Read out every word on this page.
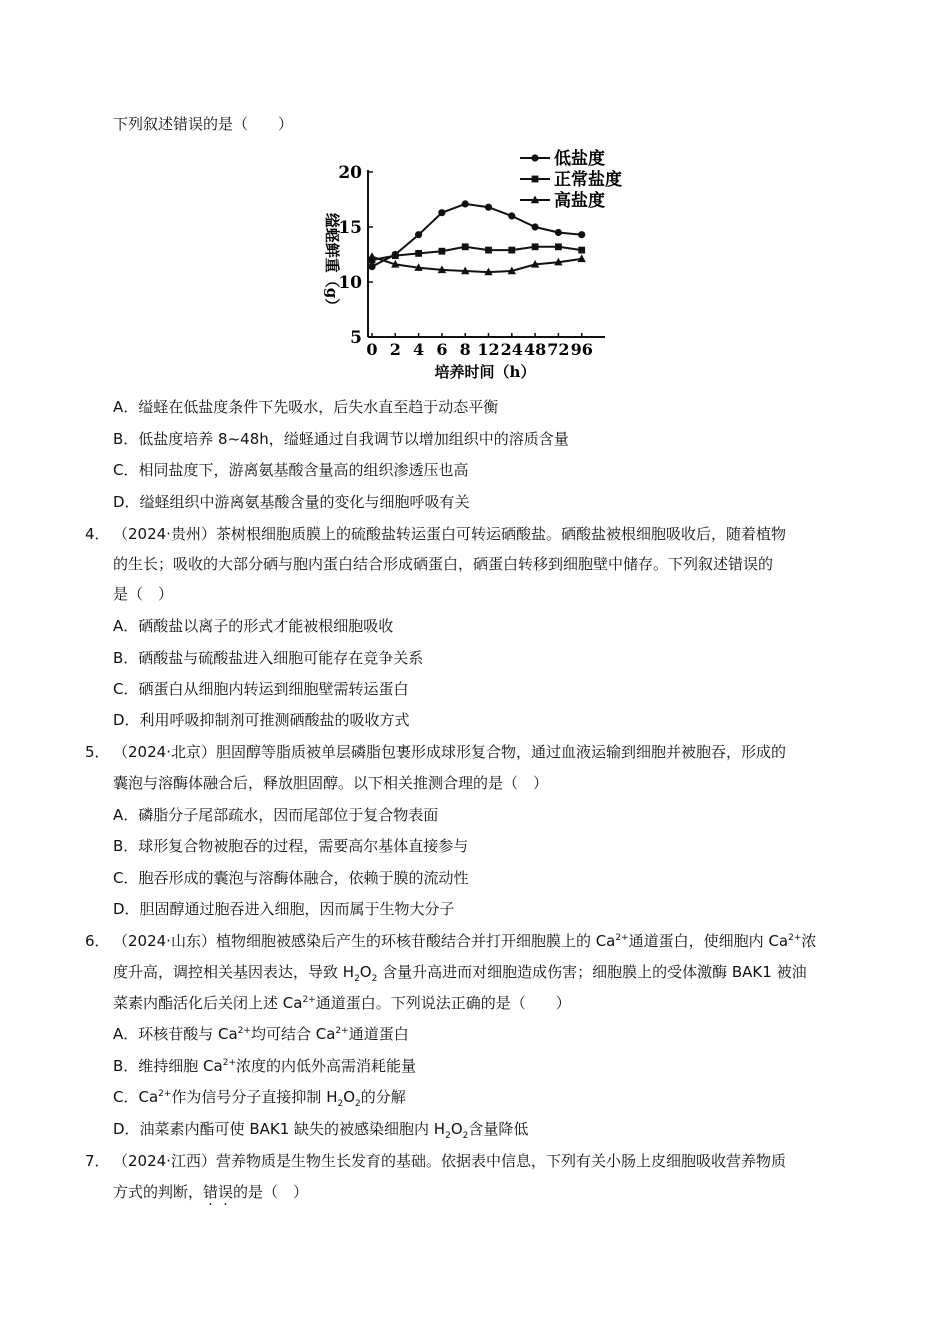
下列叙述错误的是（　　）
5
10
15
20
0 2 4 6 8 12 24 48 72 96
低盐度
正常盐度
高盐度
缢蛏鲜重（g）
培养时间（h）
A．缢蛏在低盐度条件下先吸水，后失水直至趋于动态平衡
B．低盐度培养 8~48h，缢蛏通过自我调节以增加组织中的溶质含量
C．相同盐度下，游离氨基酸含量高的组织渗透压也高
D．缢蛏组织中游离氨基酸含量的变化与细胞呼吸有关
4． （2024·贵州）茶树根细胞质膜上的硫酸盐转运蛋白可转运硒酸盐。硒酸盐被根细胞吸收后，随着植物
的生长；吸收的大部分硒与胞内蛋白结合形成硒蛋白，硒蛋白转移到细胞壁中储存。下列叙述错误的
是（　）
A．硒酸盐以离子的形式才能被根细胞吸收
B．硒酸盐与硫酸盐进入细胞可能存在竞争关系
C．硒蛋白从细胞内转运到细胞壁需转运蛋白
D．利用呼吸抑制剂可推测硒酸盐的吸收方式
5． （2024·北京）胆固醇等脂质被单层磷脂包裹形成球形复合物，通过血液运输到细胞并被胞吞，形成的
囊泡与溶酶体融合后，释放胆固醇。以下相关推测合理的是（　）
A．磷脂分子尾部疏水，因而尾部位于复合物表面
B．球形复合物被胞吞的过程，需要高尔基体直接参与
C．胞吞形成的囊泡与溶酶体融合，依赖于膜的流动性
D．胆固醇通过胞吞进入细胞，因而属于生物大分子
6． （2024·山东）植物细胞被感染后产生的环核苷酸结合并打开细胞膜上的 $Ca^{2+}$通道蛋白，使细胞内 $Ca^{2+}$浓
度升高，调控相关基因表达，导致 $H_2O_2$ 含量升高进而对细胞造成伤害；细胞膜上的受体激酶 BAK1 被油
菜素内酯活化后关闭上述 $Ca^{2+}$通道蛋白。下列说法正确的是（　　）
A．环核苷酸与 $Ca^{2+}$均可结合 $Ca^{2+}$通道蛋白
B．维持细胞 $Ca^{2+}$浓度的内低外高需消耗能量
C．$Ca^{2+}$作为信号分子直接抑制 $H_2O_2$的分解
D．油菜素内酯可使 BAK1 缺失的被感染细胞内 $H_2O_2$含量降低
7． （2024·江西）营养物质是生物生长发育的基础。依据表中信息，下列有关小肠上皮细胞吸收营养物质
方式的判断，错误的是（　）
